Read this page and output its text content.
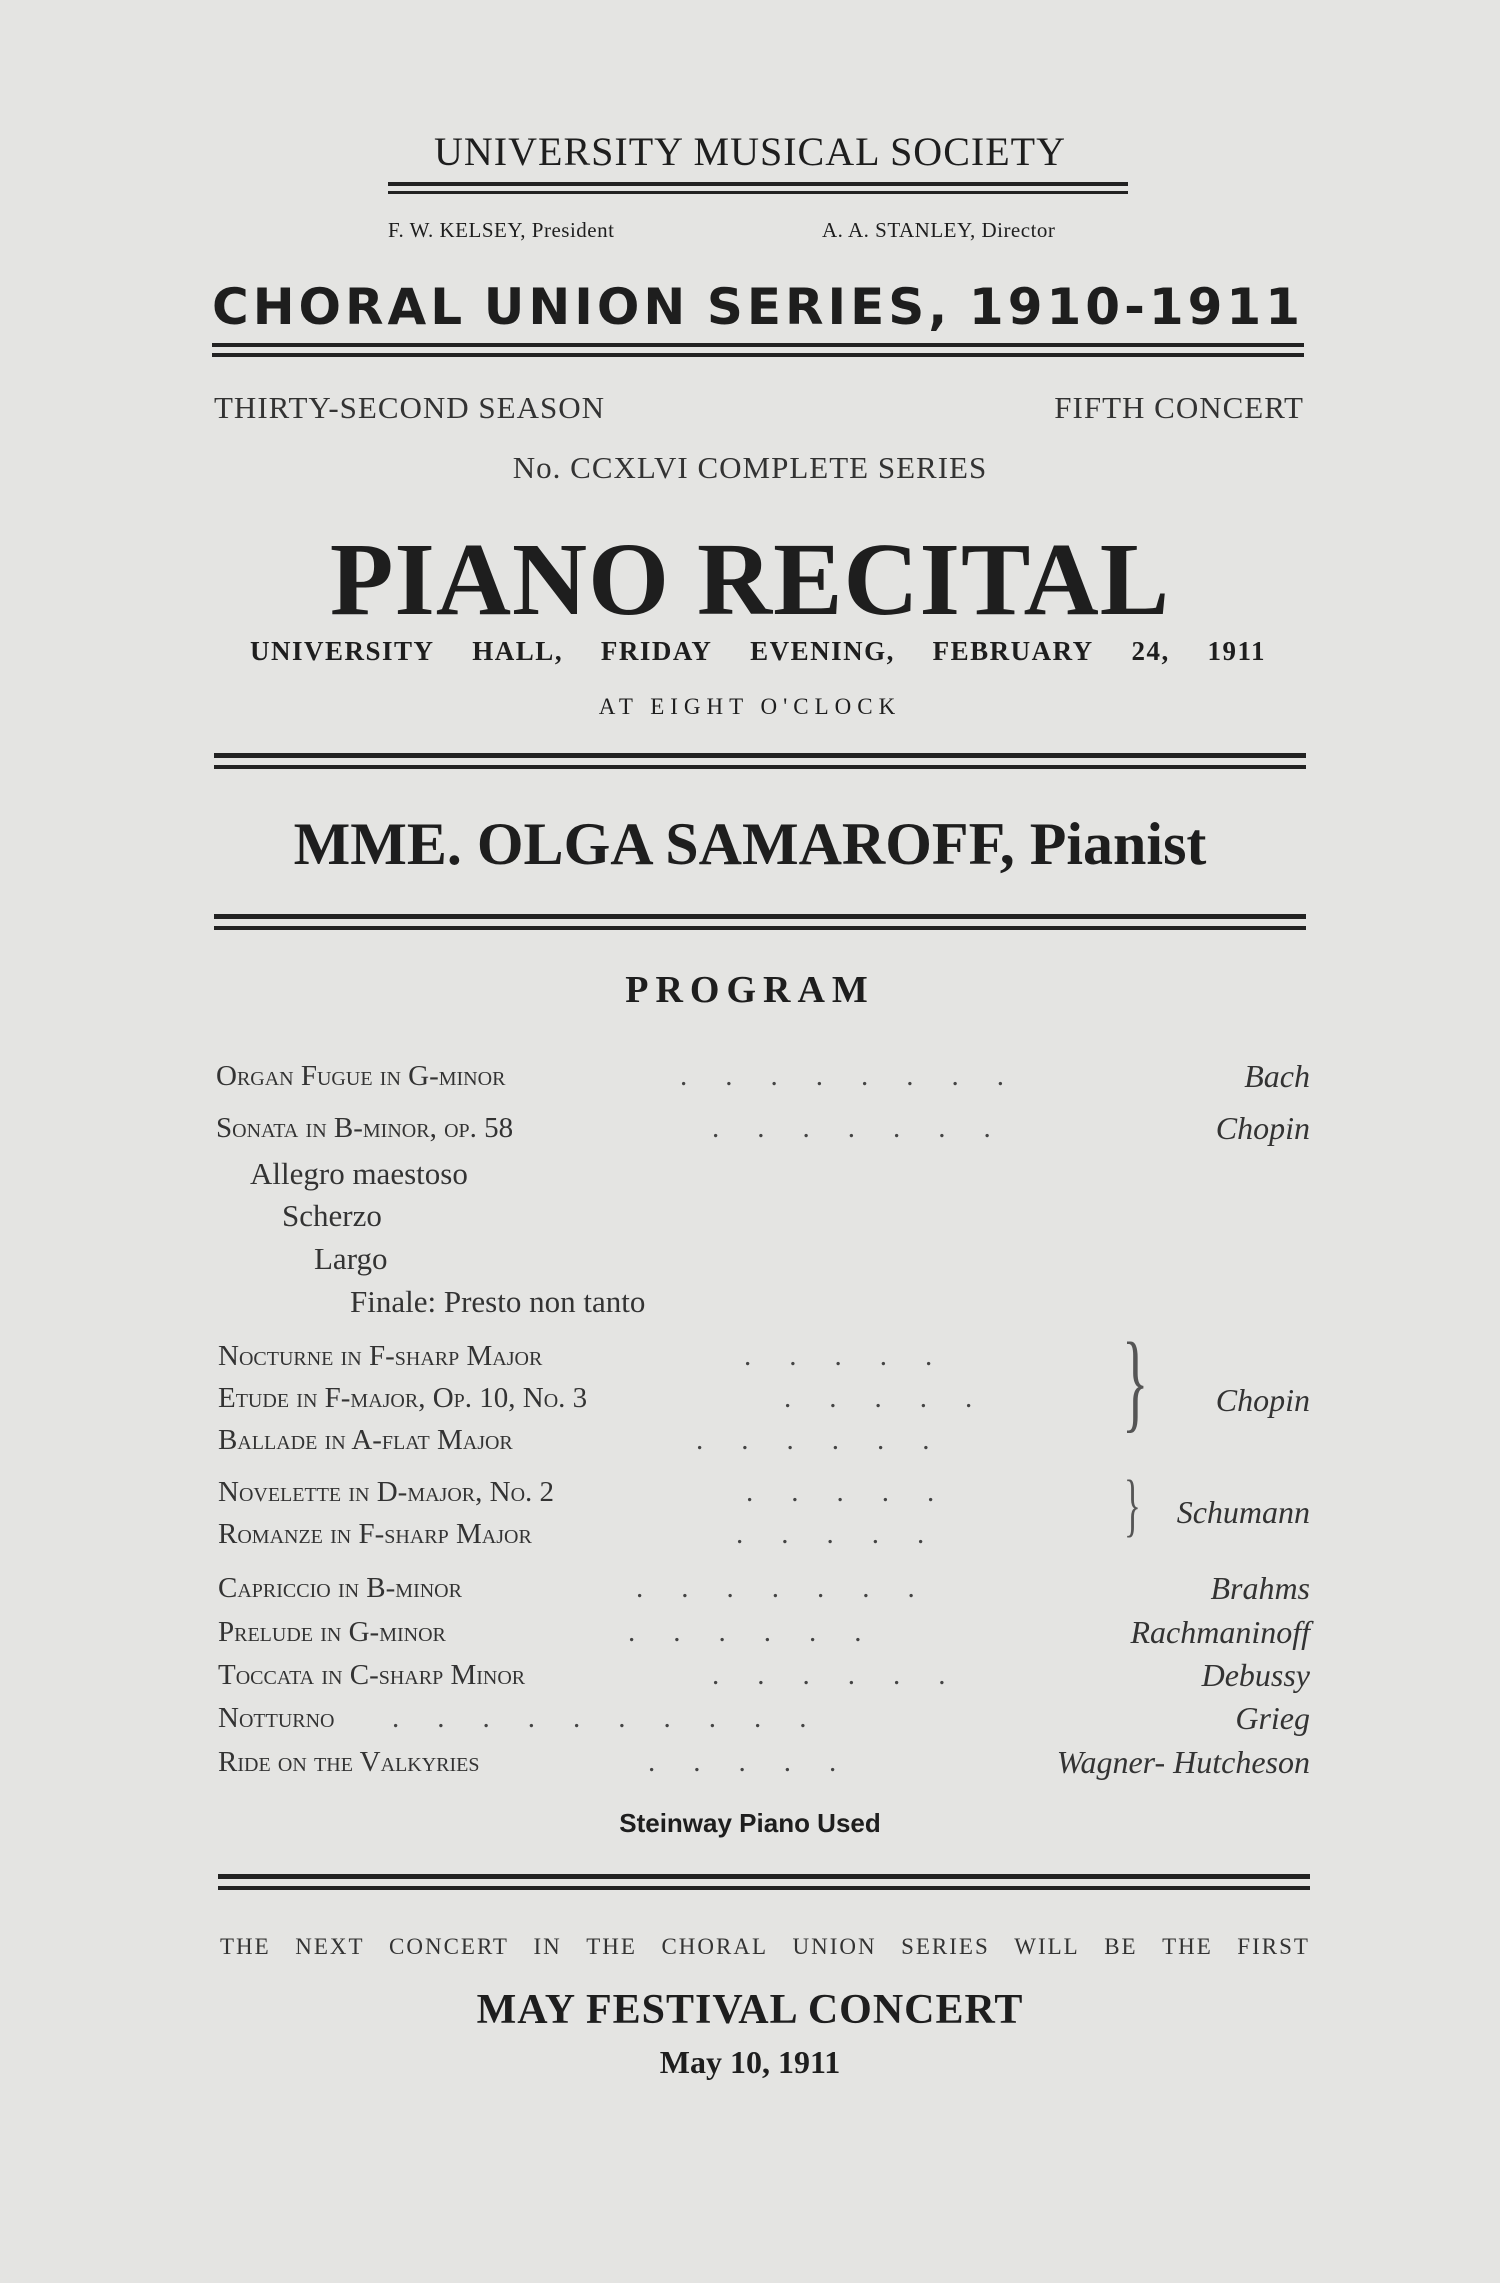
UNIVERSITY MUSICAL SOCIETY
F. W. KELSEY, President	A. A. STANLEY, Director
CHORAL UNION SERIES, 1910-1911
THIRTY-SECOND SEASON	FIFTH CONCERT
No. CCXLVI COMPLETE SERIES
PIANO RECITAL
UNIVERSITY HALL, FRIDAY EVENING, FEBRUARY 24, 1911
AT EIGHT O'CLOCK
MME. OLGA SAMAROFF, Pianist
PROGRAM
Organ Fugue in G-minor	........	Bach
Sonata in B-minor, op. 58	.......	Chopin
Allegro maestoso
Scherzo
Largo
Finale: Presto non tanto
Nocturne in F-sharp Major	.....
Etude in F-major, Op. 10, No. 3	.....
Ballade in A-flat Major	...... } Chopin
Novelette in D-major, No. 2	.....
Romanze in F-sharp Major	..... } Schumann
Capriccio in B-minor	.......	Brahms
Prelude in G-minor	......	Rachmaninoff
Toccata in C-sharp Minor	......	Debussy
Notturno ..........	Grieg
Ride on the Valkyries	.....	Wagner- Hutcheson
Steinway Piano Used
THE NEXT CONCERT IN THE CHORAL UNION SERIES WILL BE THE FIRST
MAY FESTIVAL CONCERT
May 10, 1911
